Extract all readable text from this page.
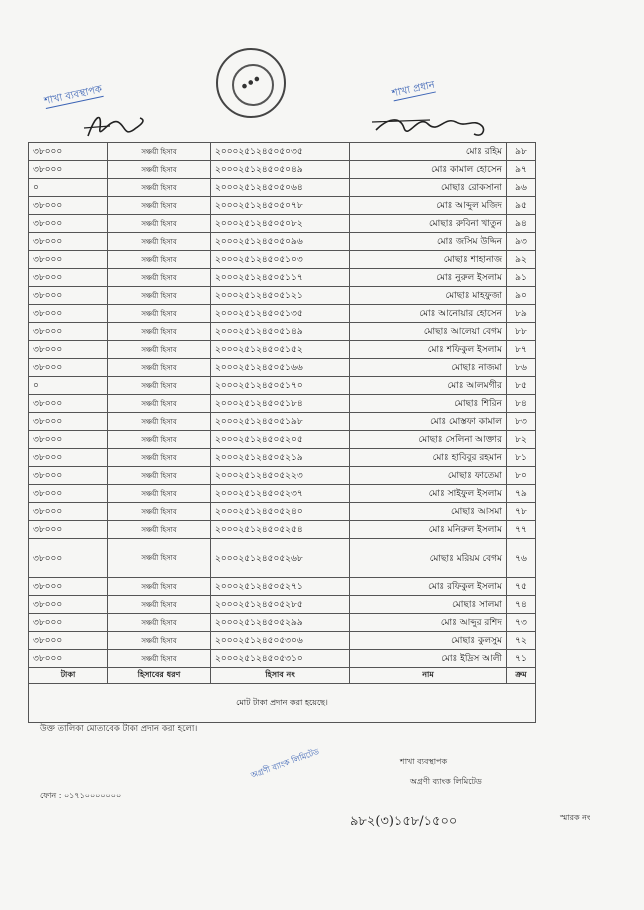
● ● ●
শাখা ব্যবস্থাপক	শাখা প্রধান
৩৮০০০	সঞ্চয়ী হিসাব	২০০০২৫১২৪৫০৫০৩৫	মোঃ রহিম	৯৮
৩৮০০০	সঞ্চয়ী হিসাব	২০০০২৫১২৪৫০৫০৪৯	মোঃ কামাল হোসেন	৯৭
০	সঞ্চয়ী হিসাব	২০০০২৫১২৪৫০৫০৬৪	মোছাঃ রোকসানা	৯৬
৩৮০০০	সঞ্চয়ী হিসাব	২০০০২৫১২৪৫০৫০৭৮	মোঃ আব্দুল মজিদ	৯৫
৩৮০০০	সঞ্চয়ী হিসাব	২০০০২৫১২৪৫০৫০৮২	মোছাঃ রুবিনা খাতুন	৯৪
৩৮০০০	সঞ্চয়ী হিসাব	২০০০২৫১২৪৫০৫০৯৬	মোঃ জসিম উদ্দিন	৯৩
৩৮০০০	সঞ্চয়ী হিসাব	২০০০২৫১২৪৫০৫১০৩	মোছাঃ শাহানাজ	৯২
৩৮০০০	সঞ্চয়ী হিসাব	২০০০২৫১২৪৫০৫১১৭	মোঃ নুরুল ইসলাম	৯১
৩৮০০০	সঞ্চয়ী হিসাব	২০০০২৫১২৪৫০৫১২১	মোছাঃ মাহফুজা	৯০
৩৮০০০	সঞ্চয়ী হিসাব	২০০০২৫১২৪৫০৫১৩৫	মোঃ আনোয়ার হোসেন	৮৯
৩৮০০০	সঞ্চয়ী হিসাব	২০০০২৫১২৪৫০৫১৪৯	মোছাঃ আলেয়া বেগম	৮৮
৩৮০০০	সঞ্চয়ী হিসাব	২০০০২৫১২৪৫০৫১৫২	মোঃ শফিকুল ইসলাম	৮৭
৩৮০০০	সঞ্চয়ী হিসাব	২০০০২৫১২৪৫০৫১৬৬	মোছাঃ নাজমা	৮৬
০	সঞ্চয়ী হিসাব	২০০০২৫১২৪৫০৫১৭০	মোঃ আলমগীর	৮৫
৩৮০০০	সঞ্চয়ী হিসাব	২০০০২৫১২৪৫০৫১৮৪	মোছাঃ শিরিন	৮৪
৩৮০০০	সঞ্চয়ী হিসাব	২০০০২৫১২৪৫০৫১৯৮	মোঃ মোস্তফা কামাল	৮৩
৩৮০০০	সঞ্চয়ী হিসাব	২০০০২৫১২৪৫০৫২০৫	মোছাঃ সেলিনা আক্তার	৮২
৩৮০০০	সঞ্চয়ী হিসাব	২০০০২৫১২৪৫০৫২১৯	মোঃ হাবিবুর রহমান	৮১
৩৮০০০	সঞ্চয়ী হিসাব	২০০০২৫১২৪৫০৫২২৩	মোছাঃ ফাতেমা	৮০
৩৮০০০	সঞ্চয়ী হিসাব	২০০০২৫১২৪৫০৫২৩৭	মোঃ সাইফুল ইসলাম	৭৯
৩৮০০০	সঞ্চয়ী হিসাব	২০০০২৫১২৪৫০৫২৪০	মোছাঃ আসমা	৭৮
৩৮০০০	সঞ্চয়ী হিসাব	২০০০২৫১২৪৫০৫২৫৪	মোঃ মনিরুল ইসলাম	৭৭
৩৮০০০	সঞ্চয়ী হিসাব	২০০০২৫১২৪৫০৫২৬৮	মোছাঃ মরিয়ম বেগম	৭৬
৩৮০০০	সঞ্চয়ী হিসাব	২০০০২৫১২৪৫০৫২৭১	মোঃ রফিকুল ইসলাম	৭৫
৩৮০০০	সঞ্চয়ী হিসাব	২০০০২৫১২৪৫০৫২৮৫	মোছাঃ সালমা	৭৪
৩৮০০০	সঞ্চয়ী হিসাব	২০০০২৫১২৪৫০৫২৯৯	মোঃ আব্দুর রশিদ	৭৩
৩৮০০০	সঞ্চয়ী হিসাব	২০০০২৫১২৪৫০৫৩০৬	মোছাঃ কুলসুম	৭২
৩৮০০০	সঞ্চয়ী হিসাব	২০০০২৫১২৪৫০৫৩১০	মোঃ ইদ্রিস আলী	৭১
টাকা	হিসাবের ধরণ	হিসাব নং	নাম	ক্রম
মোট টাকা প্রদান করা হয়েছে।				
উক্ত তালিকা মোতাবেক টাকা প্রদান করা হলো।
শাখা ব্যবস্থাপক
অগ্রণী ব্যাংক লিমিটেড
ফোন : ০১৭১০০০০০০০
স্মারক নং
৯৮২(৩)১৫৮/১৫০০
অগ্রণী ব্যাংক লিমিটেড
